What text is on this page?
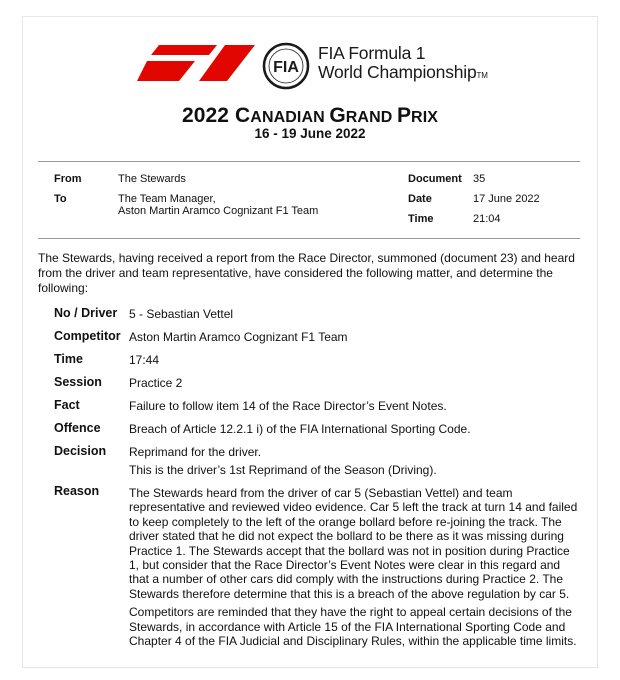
FIA
FIA Formula 1
World ChampionshipTM
2022 CANADIAN GRAND PRIX
16 - 19 June 2022
From	The Stewards
To	The Team Manager,
Aston Martin Aramco Cognizant F1 Team
Document 35
Date	17 June 2022
Time	21:04
The Stewards, having received a report from the Race Director, summoned (document 23) and heard from the driver and team representative, have considered the following matter, and determine the following:
No / Driver 5 - Sebastian Vettel
Competitor Aston Martin Aramco Cognizant F1 Team
Time	17:44
Session Practice 2
Fact	Failure to follow item 14 of the Race Director’s Event Notes.
Offence Breach of Article 12.2.1 i) of the FIA International Sporting Code.
Decision Reprimand for the driver.

This is the driver’s 1st Reprimand of the Season (Driving).

Reason The Stewards heard from the driver of car 5 (Sebastian Vettel) and team representative and reviewed video evidence. Car 5 left the track at turn 14 and failed to keep completely to the left of the orange bollard before re-joining the track. The driver stated that he did not expect the bollard to be there as it was missing during Practice 1. The Stewards accept that the bollard was not in position during Practice 1, but consider that the Race Director’s Event Notes were clear in this regard and that a number of other cars did comply with the instructions during Practice 2. The Stewards therefore determine that this is a breach of the above regulation by car 5.

Competitors are reminded that they have the right to appeal certain decisions of the Stewards, in accordance with Article 15 of the FIA International Sporting Code and Chapter 4 of the FIA Judicial and Disciplinary Rules, within the applicable time limits.
